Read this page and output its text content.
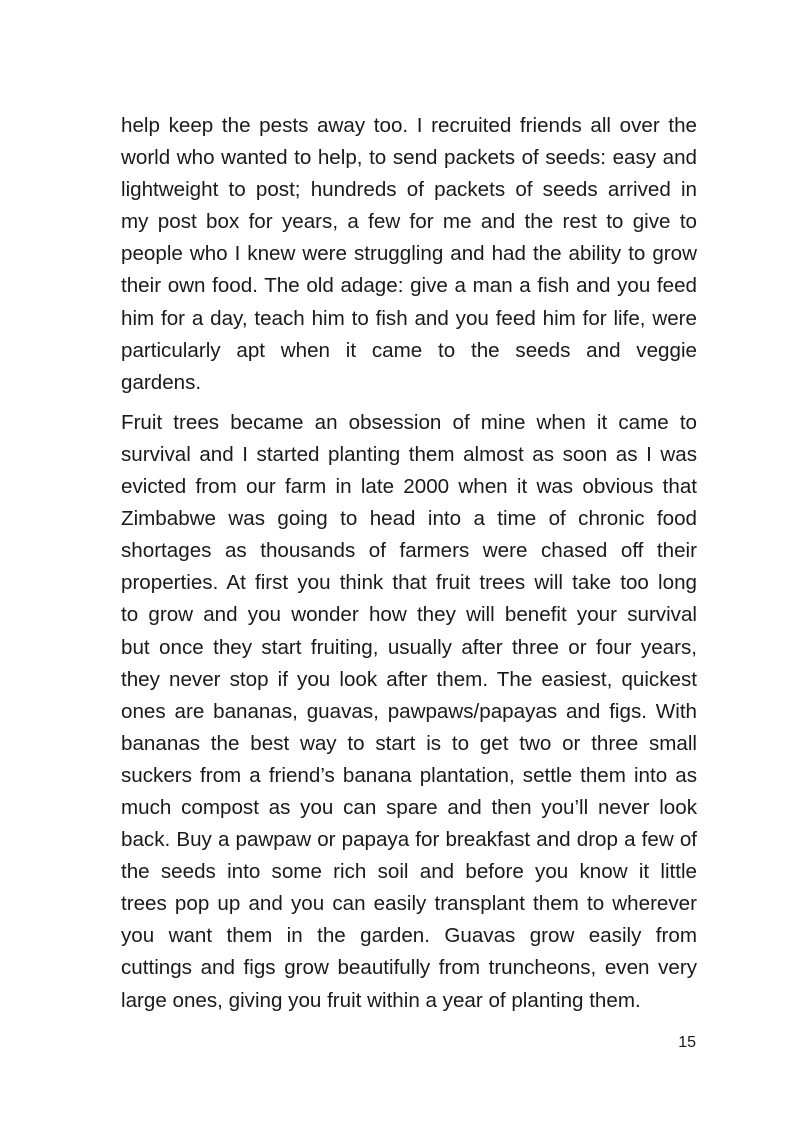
help keep the pests away too. I recruited friends all over the
world who wanted to help, to send packets of seeds: easy and
lightweight to post; hundreds of packets of seeds arrived in
my post box for years, a few for me and the rest to give to
people who I knew were struggling and had the ability to grow
their own food. The old adage: give a man a fish and you feed
him for a day, teach him to fish and you feed him for life, were
particularly apt when it came to the seeds and veggie
gardens.
Fruit trees became an obsession of mine when it came to
survival and I started planting them almost as soon as I was
evicted from our farm in late 2000 when it was obvious that
Zimbabwe was going to head into a time of chronic food
shortages as thousands of farmers were chased off their
properties. At first you think that fruit trees will take too long
to grow and you wonder how they will benefit your survival
but once they start fruiting, usually after three or four years,
they never stop if you look after them. The easiest, quickest
ones are bananas, guavas, pawpaws/papayas and figs. With
bananas the best way to start is to get two or three small
suckers from a friend’s banana plantation, settle them into as
much compost as you can spare and then you’ll never look
back. Buy a pawpaw or papaya for breakfast and drop a few of
the seeds into some rich soil and before you know it little
trees pop up and you can easily transplant them to wherever
you want them in the garden. Guavas grow easily from
cuttings and figs grow beautifully from truncheons, even very
large ones, giving you fruit within a year of planting them.
15
